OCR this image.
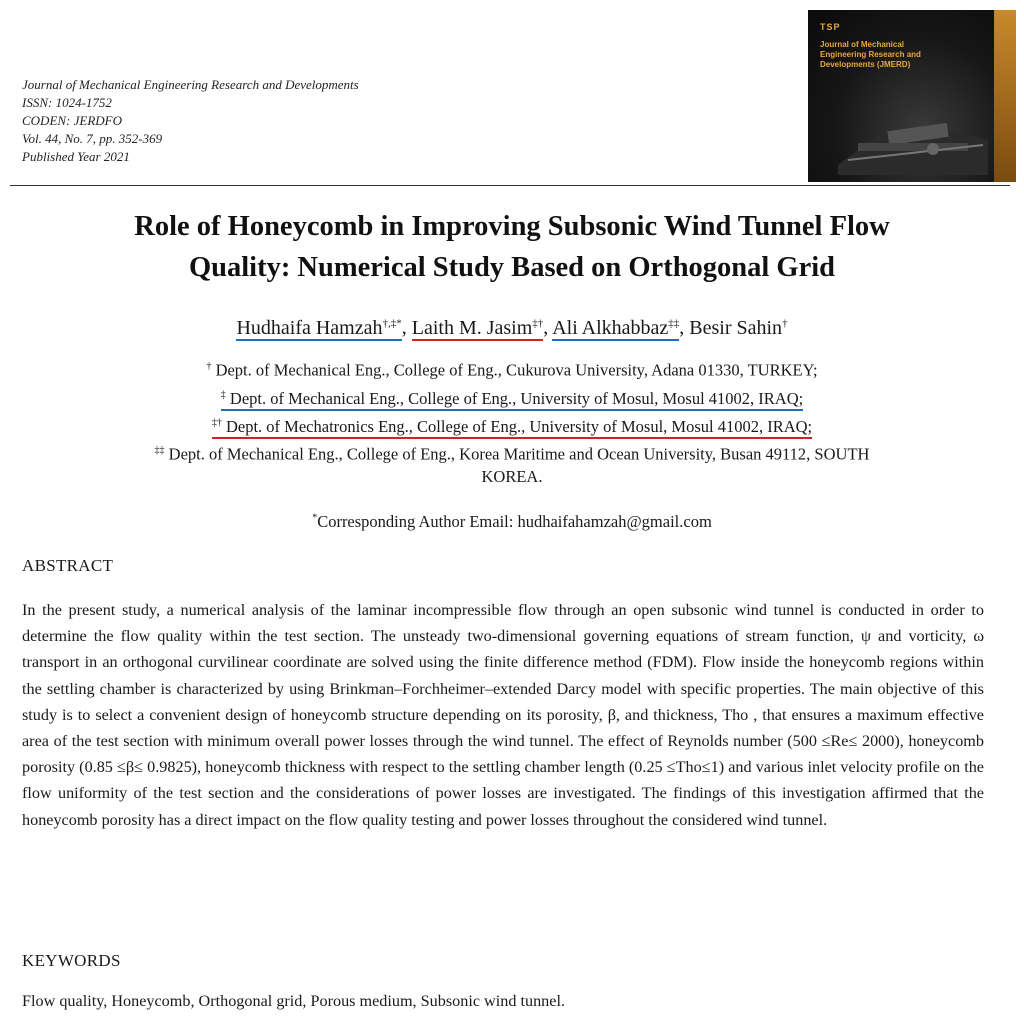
Journal of Mechanical Engineering Research and Developments
ISSN: 1024-1752
CODEN: JERDFO
Vol. 44, No. 7, pp. 352-369
Published Year 2021
TSP
Journal of Mechanical Engineering Research and Developments (JMERD)
Role of Honeycomb in Improving Subsonic Wind Tunnel Flow
Quality: Numerical Study Based on Orthogonal Grid
Hudhaifa Hamzah†,‡*, Laith M. Jasim‡†, Ali Alkhabbaz‡‡, Besir Sahin†
† Dept. of Mechanical Eng., College of Eng., Cukurova University, Adana 01330, TURKEY;
‡ Dept. of Mechanical Eng., College of Eng., University of Mosul, Mosul 41002, IRAQ;
‡† Dept. of Mechatronics Eng., College of Eng., University of Mosul, Mosul 41002, IRAQ;
‡‡ Dept. of Mechanical Eng., College of Eng., Korea Maritime and Ocean University, Busan 49112, SOUTH
KOREA.
*Corresponding Author Email: hudhaifahamzah@gmail.com
ABSTRACT
In the present study, a numerical analysis of the laminar incompressible flow through an open subsonic wind tunnel is conducted in order to determine the flow quality within the test section. The unsteady two-dimensional governing equations of stream function, ψ and vorticity, ω transport in an orthogonal curvilinear coordinate are solved using the finite difference method (FDM). Flow inside the honeycomb regions within the settling chamber is characterized by using Brinkman–Forchheimer–extended Darcy model with specific properties. The main objective of this study is to select a convenient design of honeycomb structure depending on its porosity, β, and thickness, Tho , that ensures a maximum effective area of the test section with minimum overall power losses through the wind tunnel. The effect of Reynolds number (500 ≤Re≤ 2000), honeycomb porosity (0.85 ≤β≤ 0.9825), honeycomb thickness with respect to the settling chamber length (0.25 ≤Tho≤1) and various inlet velocity profile on the flow uniformity of the test section and the considerations of power losses are investigated. The findings of this investigation affirmed that the honeycomb porosity has a direct impact on the flow quality testing and power losses throughout the considered wind tunnel.
KEYWORDS
Flow quality, Honeycomb, Orthogonal grid, Porous medium, Subsonic wind tunnel.
